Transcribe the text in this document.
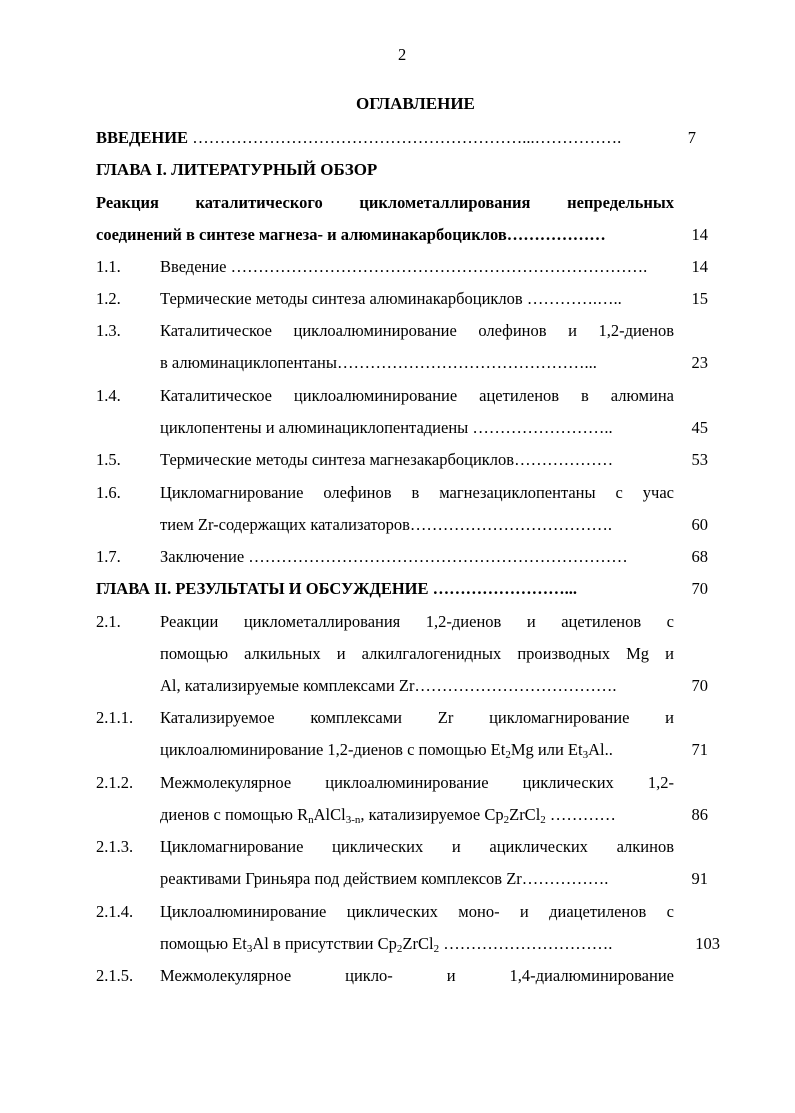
2
ОГЛАВЛЕНИЕ
ВВЕДЕНИЕ ……………………………………………………...…………….	7
ГЛАВА I. ЛИТЕРАТУРНЫЙ ОБЗОР
Реакция каталитического циклометаллирования непредельных
соединений в синтезе магнеза- и алюминакарбоциклов………………	14
1.1. Введение ………………………………………………………………….	14
1.2. Термические методы синтеза алюминакарбоциклов ………….…..	15
1.3. Каталитическое циклоалюминирование олефинов и 1,2-диенов
в алюминациклопентаны………………………………………...	23
1.4. Каталитическое циклоалюминирование ацетиленов в алюмина
циклопентены и алюминациклопентадиены ……………………..	45
1.5. Термические методы синтеза магнезакарбоциклов………………	53
1.6. Цикломагнирование олефинов в магнезациклопентаны с учас
тием Zr-содержащих катализаторов……………………………….	60
1.7. Заключение ……………………………………………………………	68
ГЛАВА II. РЕЗУЛЬТАТЫ И ОБСУЖДЕНИЕ ……………………...	70
2.1. Реакции циклометаллирования 1,2-диенов и ацетиленов с
помощью алкильных и алкилгалогенидных производных Mg и
Al, катализируемые комплексами Zr……………………………….	70
2.1.1. Катализируемое комплексами Zr цикломагнирование и
циклоалюминирование 1,2-диенов с помощью $Et_2Mg$ или $Et_3Al$..	71
2.1.2. Межмолекулярное циклоалюминирование циклических 1,2-
диенов с помощью $R_nAlCl_{3-n}$, катализируемое $Cp_2ZrCl_2$ …………	86
2.1.3. Цикломагнирование циклических и ациклических алкинов
реактивами Гриньяра под действием комплексов Zr…………….	91
2.1.4. Циклоалюминирование циклических моно- и диацетиленов с
помощью $Et_3Al$ в присутствии $Cp_2ZrCl_2$ ………………………….	103
2.1.5. Межмолекулярное цикло- и 1,4-диалюминирование
